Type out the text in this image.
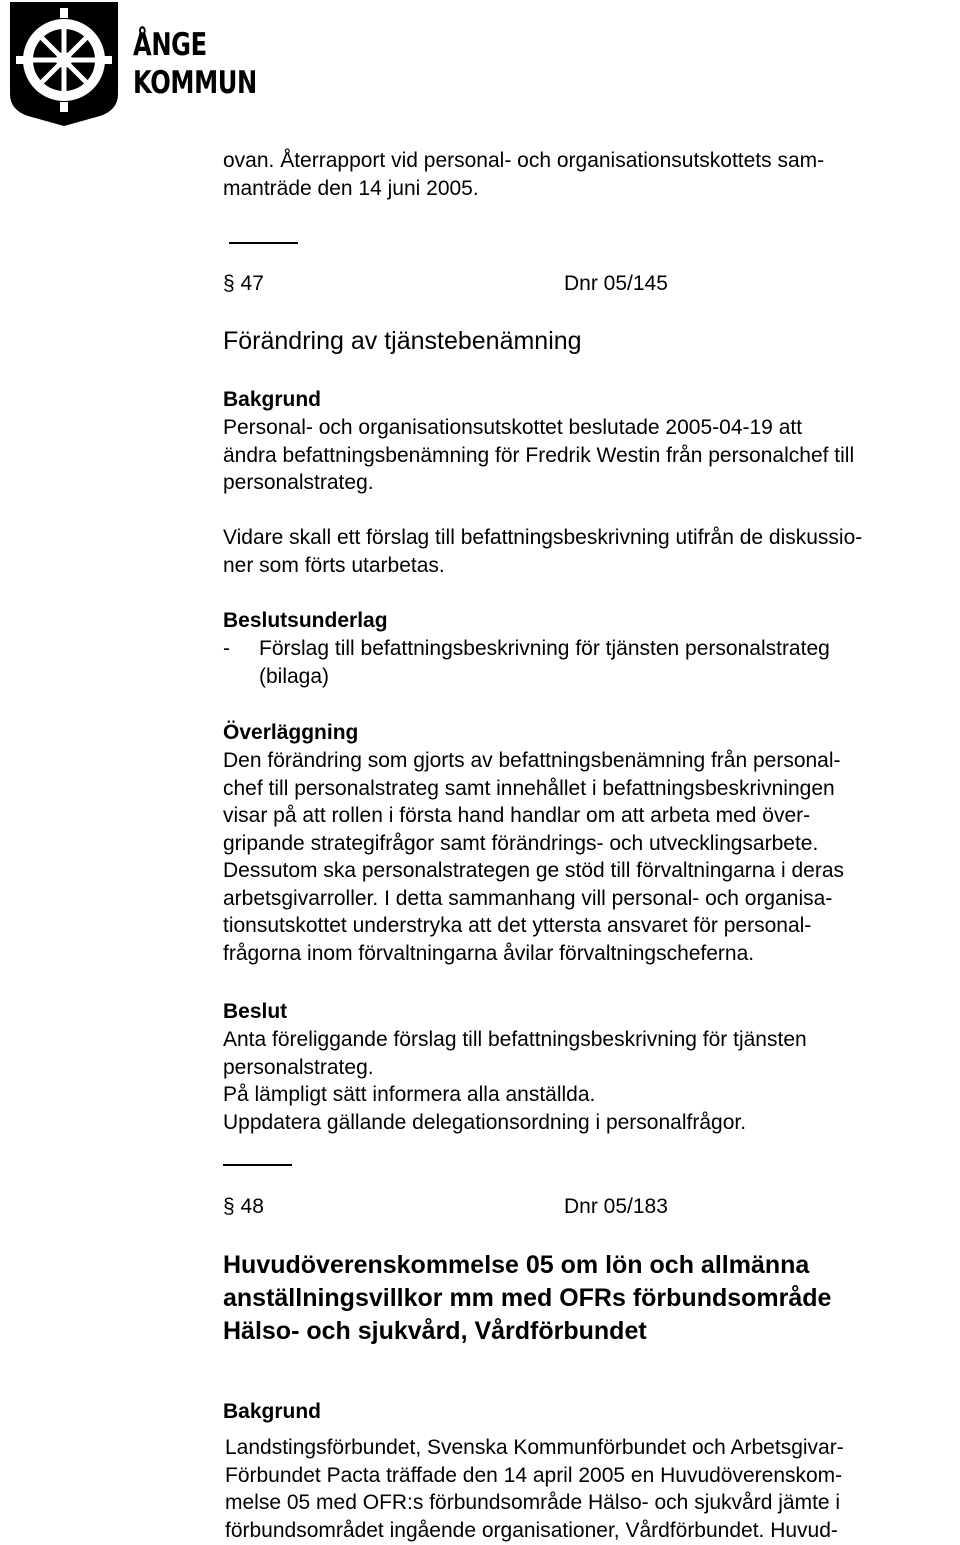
ÅNGE
KOMMUN
ovan. Återrapport vid personal- och organisationsutskottets sam-
manträde den 14 juni 2005.
§ 47	Dnr 05/145
Förändring av tjänstebenämning
Bakgrund
Personal- och organisationsutskottet beslutade 2005-04-19 att
ändra befattningsbenämning för Fredrik Westin från personalchef till
personalstrateg.
Vidare skall ett förslag till befattningsbeskrivning utifrån de diskussio-
ner som förts utarbetas.
Beslutsunderlag
- Förslag till befattningsbeskrivning för tjänsten personalstrateg
(bilaga)
Överläggning
Den förändring som gjorts av befattningsbenämning från personal-
chef till personalstrateg samt innehållet i befattningsbeskrivningen
visar på att rollen i första hand handlar om att arbeta med över-
gripande strategifrågor samt förändrings- och utvecklingsarbete.
Dessutom ska personalstrategen ge stöd till förvaltningarna i deras
arbetsgivarroller. I detta sammanhang vill personal- och organisa-
tionsutskottet understryka att det yttersta ansvaret för personal-
frågorna inom förvaltningarna åvilar förvaltningscheferna.
Beslut
Anta föreliggande förslag till befattningsbeskrivning för tjänsten
personalstrateg.
På lämpligt sätt informera alla anställda.
Uppdatera gällande delegationsordning i personalfrågor.
§ 48	Dnr 05/183
Huvudöverenskommelse 05 om lön och allmänna
anställningsvillkor mm med OFRs förbundsområde
Hälso- och sjukvård, Vårdförbundet
Bakgrund
Landstingsförbundet, Svenska Kommunförbundet och Arbetsgivar-
Förbundet Pacta träffade den 14 april 2005 en Huvudöverenskom-
melse 05 med OFR:s förbundsområde Hälso- och sjukvård jämte i
förbundsområdet ingående organisationer, Vårdförbundet. Huvud-
